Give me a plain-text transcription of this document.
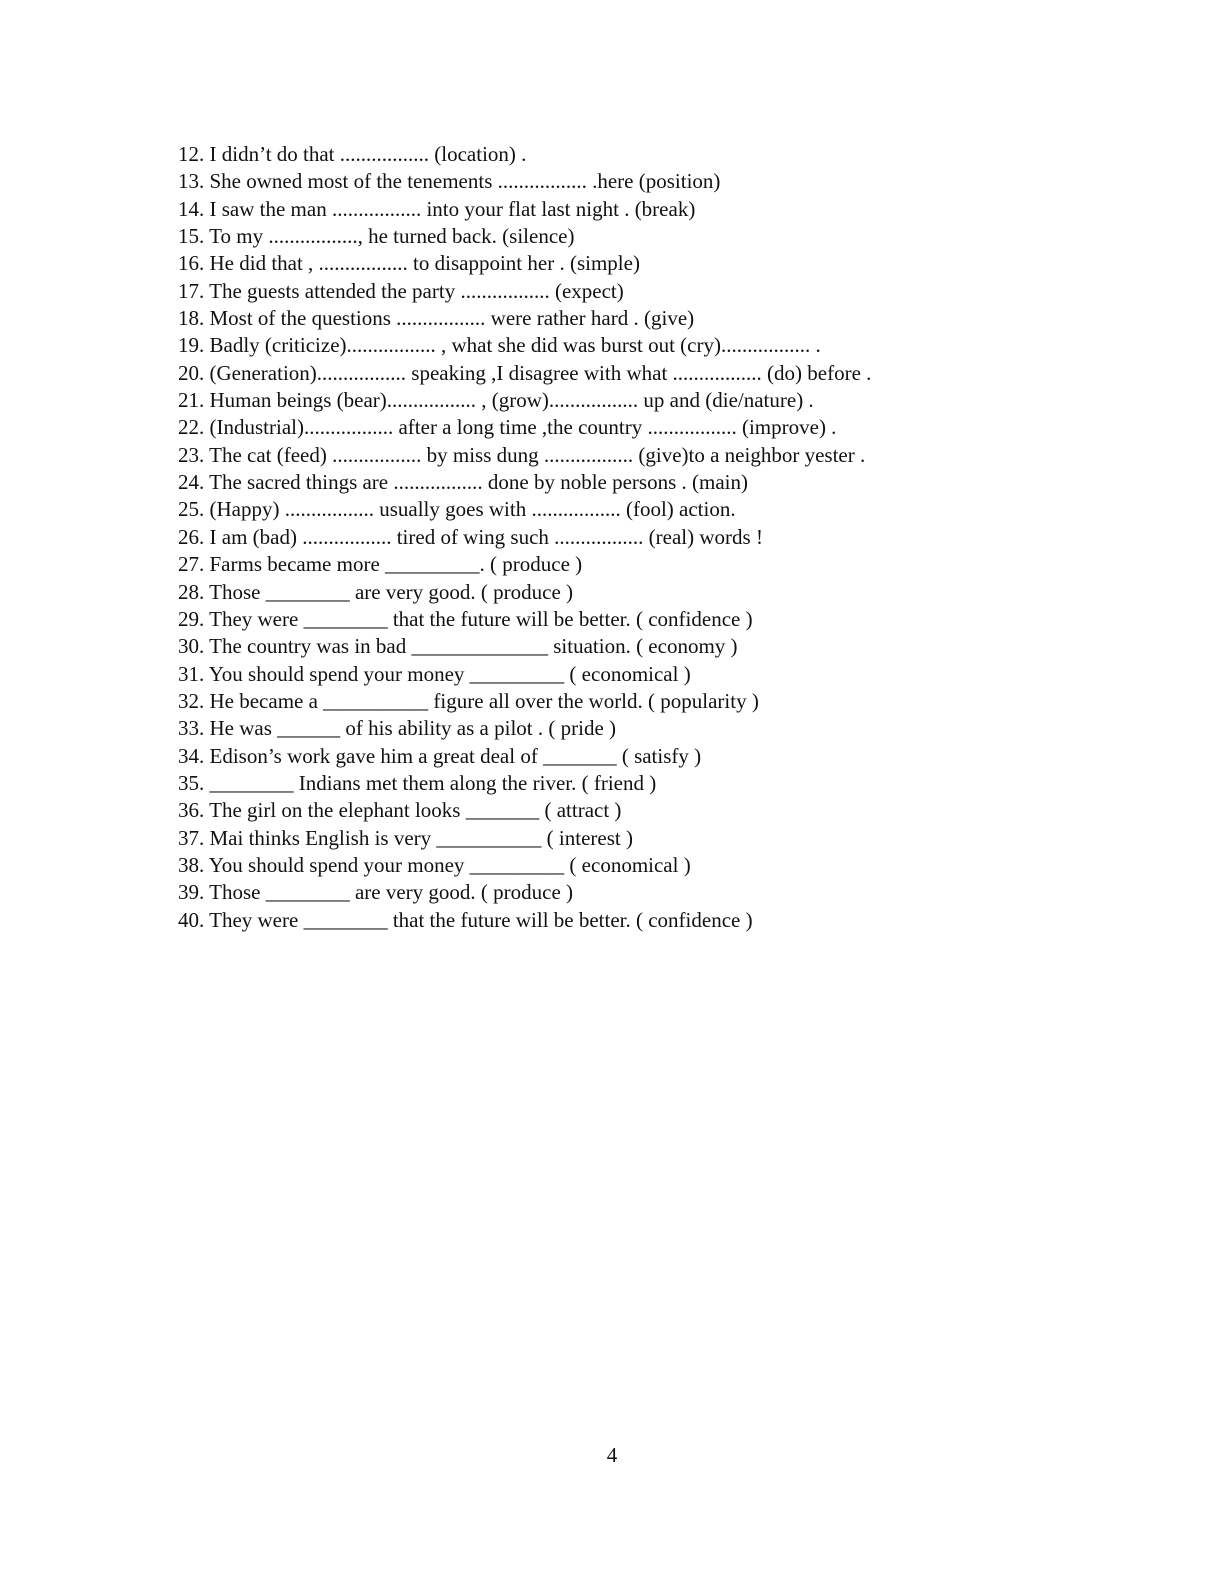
12. I didn’t do that ................. (location) .
13. She owned most of the tenements ................. .here (position)
14. I saw the man ................. into your flat last night . (break)
15. To my ................., he turned back. (silence)
16. He did that , ................. to disappoint her . (simple)
17. The guests attended the party ................. (expect)
18. Most of the questions ................. were rather hard . (give)
19. Badly (criticize)................. , what she did was burst out (cry)................. .
20. (Generation)................. speaking ,I disagree with what ................. (do) before .
21. Human beings (bear)................. , (grow)................. up and (die/nature) .
22. (Industrial)................. after a long time ,the country ................. (improve) .
23. The cat (feed) ................. by miss dung ................. (give)to a neighbor yester .
24. The sacred things are ................. done by noble persons . (main)
25. (Happy) ................. usually goes with ................. (fool) action.
26. I am (bad) ................. tired of wing such ................. (real) words !
27. Farms became more _________. ( produce )
28. Those ________ are very good. ( produce )
29. They were ________ that the future will be better. ( confidence )
30. The country was in bad _____________ situation. ( economy )
31. You should spend your money _________ ( economical )
32. He became a __________ figure all over the world. ( popularity )
33. He was ______ of his ability as a pilot . ( pride )
34. Edison’s work gave him a great deal of _______ ( satisfy )
35. ________ Indians met them along the river. ( friend )
36. The girl on the elephant looks _______ ( attract )
37. Mai thinks English is very __________ ( interest )
38. You should spend your money _________ ( economical )
39. Those ________ are very good. ( produce )
40. They were ________ that the future will be better. ( confidence )
4
